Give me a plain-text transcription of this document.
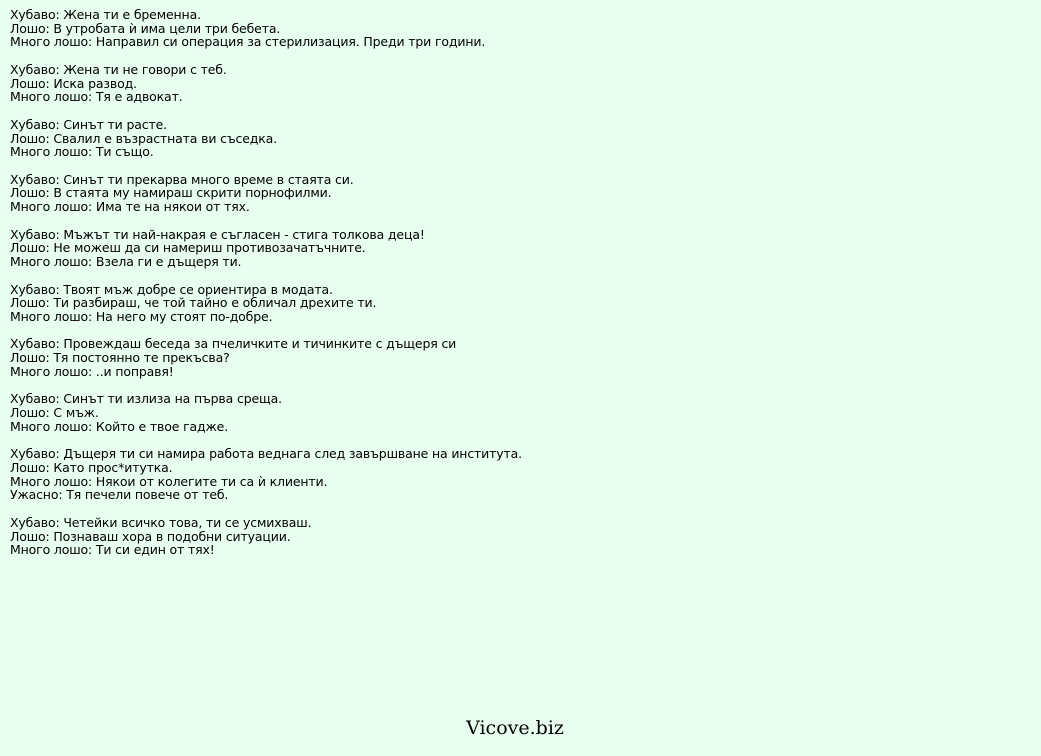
Хубаво: Жена ти е бременна.
Лошо: В утробата ѝ има цели три бебета.
Много лошо: Направил си операция за стерилизация. Преди три години.
Хубаво: Жена ти не говори с теб.
Лошо: Иска развод.
Много лошо: Тя е адвокат.
Хубаво: Синът ти расте.
Лошо: Свалил е възрастната ви съседка.
Много лошо: Ти също.
Хубаво: Синът ти прекарва много време в стаята си.
Лошо: В стаята му намираш скрити порнофилми.
Много лошо: Има те на някои от тях.
Хубаво: Мъжът ти най-накрая е съгласен - стига толкова деца!
Лошо: Не можеш да си намериш противозачатъчните.
Много лошо: Взела ги е дъщеря ти.
Хубаво: Твоят мъж добре се ориентира в модата.
Лошо: Ти разбираш, че той тайно е обличал дрехите ти.
Много лошо: На него му стоят по-добре.
Хубаво: Провеждаш беседа за пчеличките и тичинките с дъщеря си
Лошо: Тя постоянно те прекъсва?
Много лошо: ..и поправя!
Хубаво: Синът ти излиза на първа среща.
Лошо: С мъж.
Много лошо: Който е твое гадже.
Хубаво: Дъщеря ти си намира работа веднага след завършване на института.
Лошо: Като прос*итутка.
Много лошо: Някои от колегите ти са ѝ клиенти.
Ужасно: Тя печели повече от теб.
Хубаво: Четейки всичко това, ти се усмихваш.
Лошо: Познаваш хора в подобни ситуации.
Много лошо: Ти си един от тях!
Vicove.biz
